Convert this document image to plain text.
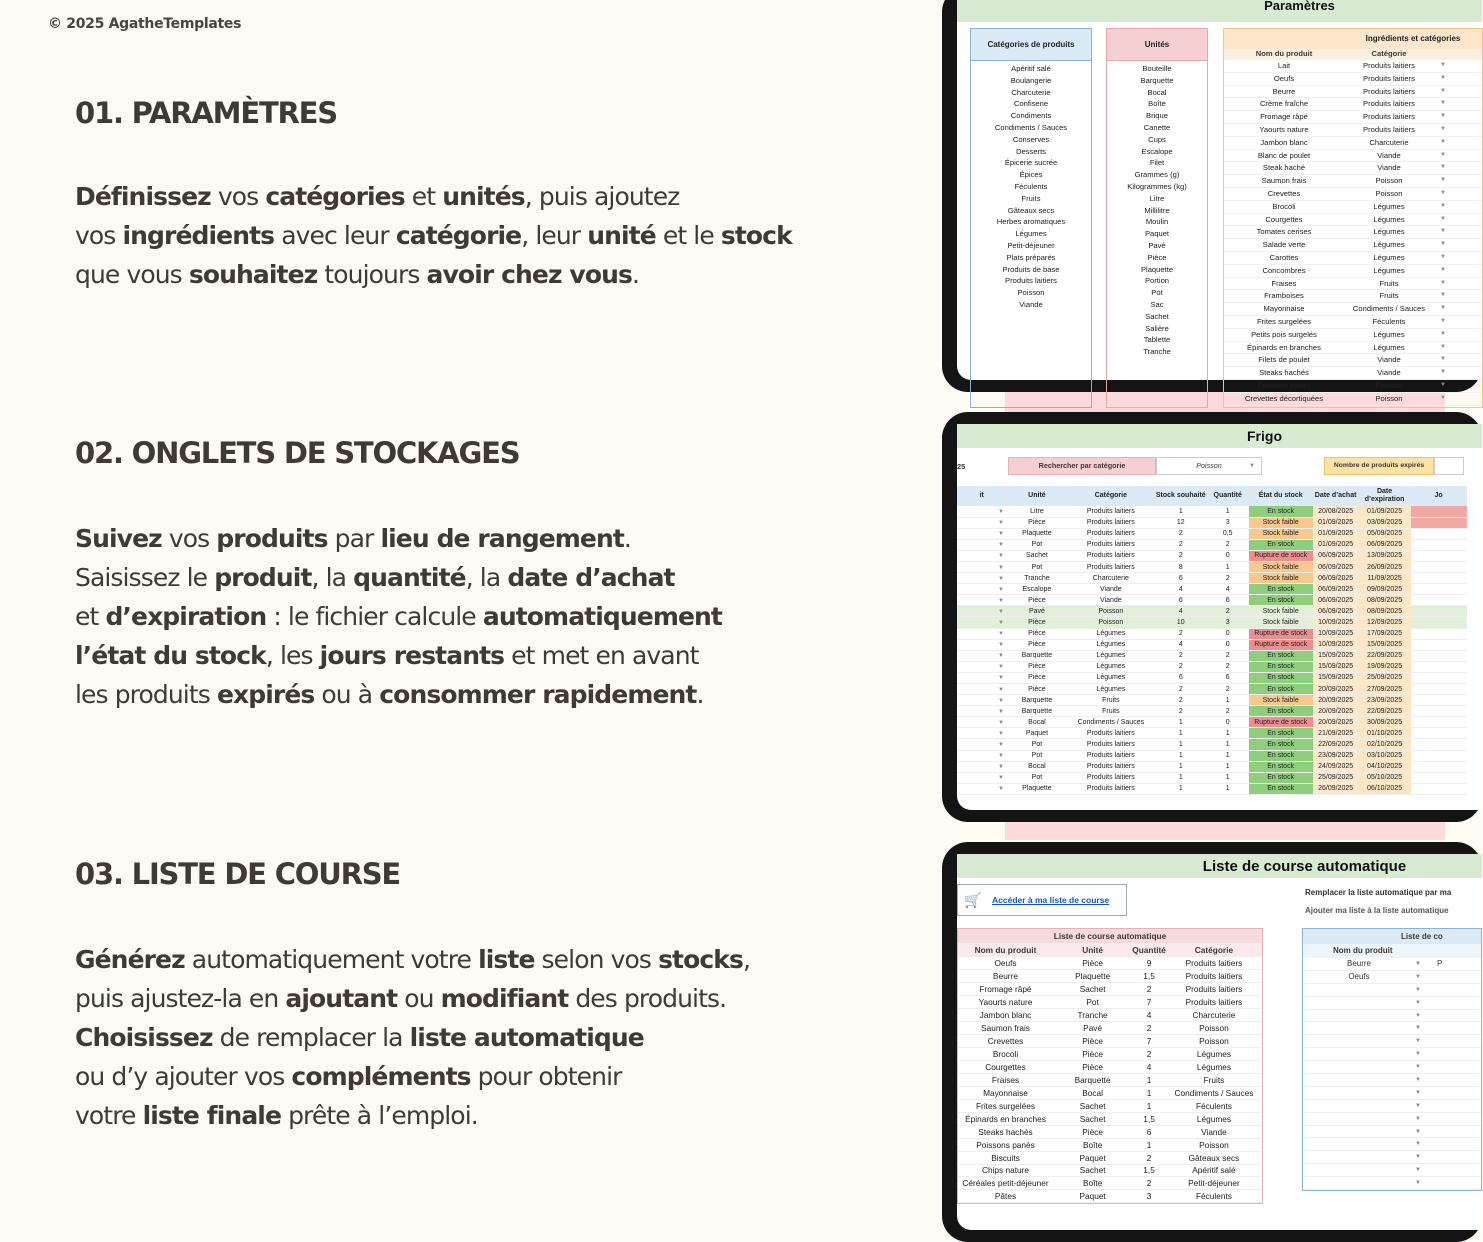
© 2025 AgatheTemplates
01. PARAMÈTRES
Définissez vos catégories et unités, puis ajoutez
vos ingrédients avec leur catégorie, leur unité et le stock
que vous souhaitez toujours avoir chez vous.
02. ONGLETS DE STOCKAGES
Suivez vos produits par lieu de rangement.
Saisissez le produit, la quantité, la date d’achat
et d’expiration : le fichier calcule automatiquement
l’état du stock, les jours restants et met en avant
les produits expirés ou à consommer rapidement.
03. LISTE DE COURSE
Générez automatiquement votre liste selon vos stocks,
puis ajustez-la en ajoutant ou modifiant des produits.
Choisissez de remplacer la liste automatique
ou d’y ajouter vos compléments pour obtenir
votre liste finale prête à l’emploi.
Paramètres
Catégories de produits
Apéritif salé
Boulangerie
Charcuterie
Confiserie
Condiments
Condiments / Sauces
Conserves
Desserts
Épicerie sucrée
Épices
Féculents
Fruits
Gâteaux secs
Herbes aromatiques
Légumes
Petit-déjeuner
Plats préparés
Produits de base
Produits laitiers
Poisson
Viande
Unités
Bouteille
Barquette
Bocal
Boîte
Brique
Canette
Cups
Escalope
Filet
Grammes (g)
Kilogrammes (kg)
Litre
Millilitre
Moulin
Paquet
Pavé
Pièce
Plaquette
Portion
Pot
Sac
Sachet
Salière
Tablette
Tranche
Ingrédients et catégories
Nom du produit	Catégorie
Lait	Produits laitiers	▼
Oeufs	Produits laitiers	▼
Beurre	Produits laitiers	▼
Crème fraîche	Produits laitiers	▼
Fromage râpé	Produits laitiers	▼
Yaourts nature	Produits laitiers	▼
Jambon blanc	Charcuterie	▼
Blanc de poulet	Viande	▼
Steak haché	Viande	▼
Saumon frais	Poisson	▼
Crevettes	Poisson	▼
Brocoli	Légumes	▼
Courgettes	Légumes	▼
Tomates cerises	Légumes	▼
Salade verte	Légumes	▼
Carottes	Légumes	▼
Concombres	Légumes	▼
Fraises	Fruits	▼
Framboises	Fruits	▼
Mayonnaise	Condiments / Sauces	▼
Frites surgelées	Féculents	▼
Petits pois surgelés	Légumes	▼
Épinards en branches	Légumes	▼
Filets de poulet	Viande	▼
Steaks hachés	Viande	▼
Poissons panés	Poisson	▼
Crevettes décortiquées	Poisson	▼
Frigo
25	Rechercher par catégorie	Poisson	▼	Nombre de produits expirés
it	Unité	Catégorie	Stock souhaité	Quantité	État du stock	Date d’achat	Date d’expiration	Jo
▼	Litre	Produits laitiers	1	1	En stock	20/08/2025	01/09/2025	
▼	Pièce	Produits laitiers	12	3	Stock faible	01/09/2025	03/09/2025	
▼	Plaquette	Produits laitiers	2	0,5	Stock faible	01/09/2025	05/09/2025	
▼	Pot	Produits laitiers	2	2	En stock	01/09/2025	06/09/2025	
▼	Sachet	Produits laitiers	2	0	Rupture de stock	06/09/2025	13/09/2025	
▼	Pot	Produits laitiers	8	1	Stock faible	06/09/2025	26/09/2025	
▼	Tranche	Charcuterie	6	2	Stock faible	06/09/2025	11/09/2025	
▼	Escalope	Viande	4	4	En stock	06/09/2025	09/09/2025	
▼	Pièce	Viande	6	6	En stock	06/09/2025	08/09/2025	
▼	Pavé	Poisson	4	2	Stock faible	06/09/2025	08/09/2025	
▼	Pièce	Poisson	10	3	Stock faible	10/09/2025	12/09/2025	
▼	Pièce	Légumes	2	0	Rupture de stock	10/09/2025	17/09/2025	
▼	Pièce	Légumes	4	0	Rupture de stock	10/09/2025	15/09/2025	
▼	Barquette	Légumes	2	2	En stock	15/09/2025	22/09/2025	
▼	Pièce	Légumes	2	2	En stock	15/09/2025	19/09/2025	
▼	Pièce	Légumes	6	6	En stock	15/09/2025	25/09/2025	
▼	Pièce	Légumes	2	2	En stock	20/09/2025	27/09/2025	
▼	Barquette	Fruits	2	1	Stock faible	20/09/2025	23/09/2025	
▼	Barquette	Fruits	2	2	En stock	20/09/2025	22/09/2025	
▼	Bocal	Condiments / Sauces	1	0	Rupture de stock	20/09/2025	30/09/2025	
▼	Paquet	Produits laitiers	1	1	En stock	21/09/2025	01/10/2025	
▼	Pot	Produits laitiers	1	1	En stock	22/09/2025	02/10/2025	
▼	Pot	Produits laitiers	1	1	En stock	23/09/2025	03/10/2025	
▼	Bocal	Produits laitiers	1	1	En stock	24/09/2025	04/10/2025	
▼	Pot	Produits laitiers	1	1	En stock	25/09/2025	05/10/2025	
▼	Plaquette	Produits laitiers	1	1	En stock	26/09/2025	06/10/2025	
Liste de course automatique
🛒	Accéder à ma liste de course
Remplacer la liste automatique par ma
Ajouter ma liste à la liste automatique
Liste de course automatique			
Nom du produit	Unité	Quantité	Catégorie
Oeufs	Pièce	9	Produits laitiers
Beurre	Plaquette	1,5	Produits laitiers
Fromage râpé	Sachet	2	Produits laitiers
Yaourts nature	Pot	7	Produits laitiers
Jambon blanc	Tranche	4	Charcuterie
Saumon frais	Pavé	2	Poisson
Crevettes	Pièce	7	Poisson
Brocoli	Pièce	2	Légumes
Courgettes	Pièce	4	Légumes
Fraises	Barquette	1	Fruits
Mayonnaise	Bocal	1	Condiments / Sauces
Frites surgelées	Sachet	1	Féculents
Épinards en branches	Sachet	1,5	Légumes
Steaks hachés	Pièce	6	Viande
Poissons panés	Boîte	1	Poisson
Biscuits	Paquet	2	Gâteaux secs
Chips nature	Sachet	1,5	Apéritif salé
Céréales petit-déjeuner	Boîte	2	Petit-déjeuner
Pâtes	Paquet	3	Féculents
Liste de co
Nom du produit
Beurre	▼	P
Oeufs	▼
▼
▼
▼
▼
▼
▼
▼
▼
▼
▼
▼
▼
▼
▼
▼
▼
